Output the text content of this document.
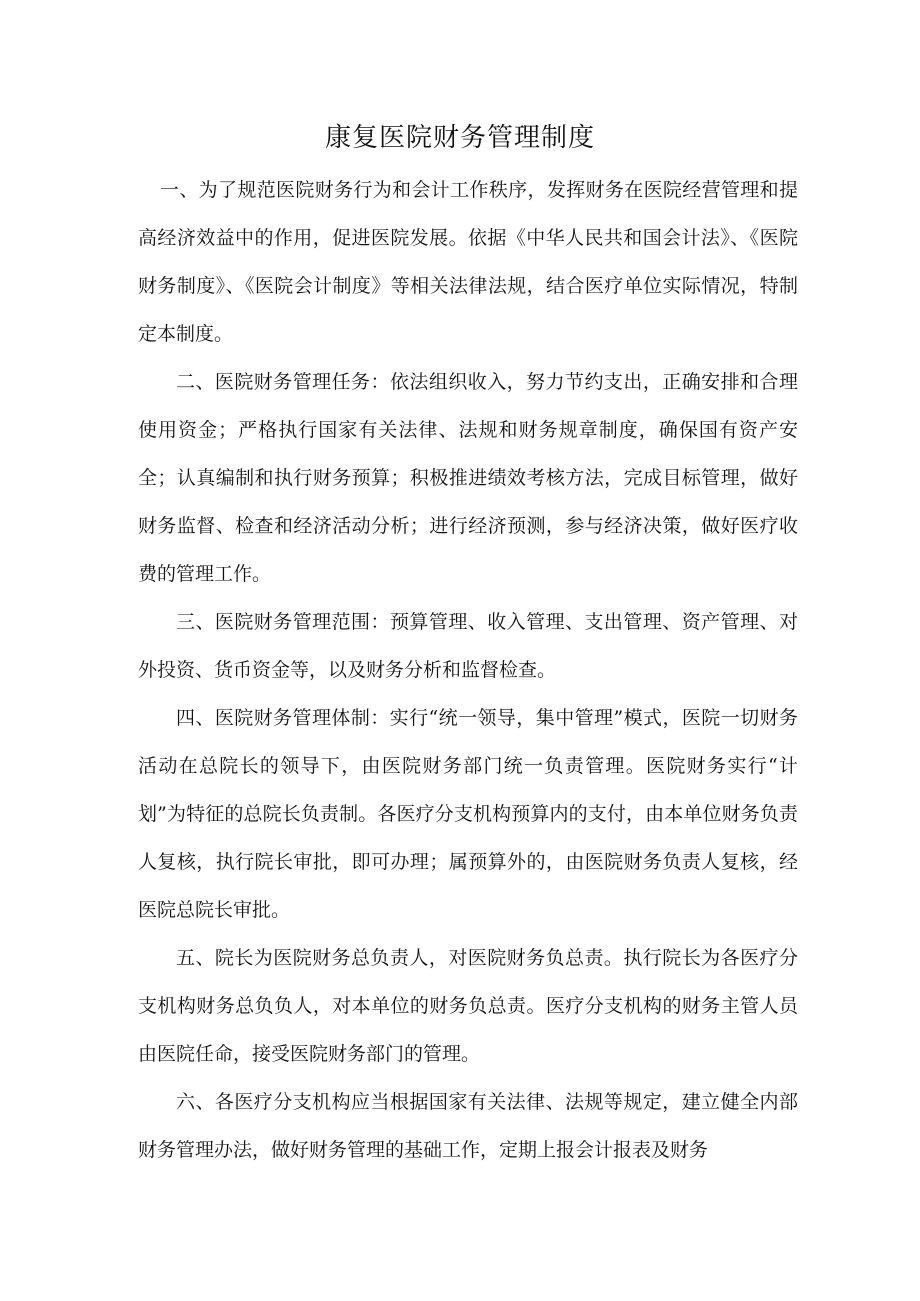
康复医院财务管理制度

一、为了规范医院财务行为和会计工作秩序，发挥财务在医院经营管理和提高经济效益中的作用，促进医院发展。依据《中华人民共和国会计法》、《医院财务制度》、《医院会计制度》等相关法律法规，结合医疗单位实际情况，特制定本制度。

二、医院财务管理任务：依法组织收入，努力节约支出，正确安排和合理使用资金；严格执行国家有关法律、法规和财务规章制度，确保国有资产安全；认真编制和执行财务预算；积极推进绩效考核方法，完成目标管理，做好财务监督、检查和经济活动分析；进行经济预测，参与经济决策，做好医疗收费的管理工作。

三、医院财务管理范围：预算管理、收入管理、支出管理、资产管理、对外投资、货币资金等，以及财务分析和监督检查。

四、医院财务管理体制：实行“统一领导，集中管理”模式，医院一切财务活动在总院长的领导下，由医院财务部门统一负责管理。医院财务实行“计划”为特征的总院长负责制。各医疗分支机构预算内的支付，由本单位财务负责人复核，执行院长审批，即可办理；属预算外的，由医院财务负责人复核，经医院总院长审批。

五、院长为医院财务总负责人，对医院财务负总责。执行院长为各医疗分支机构财务总负负人，对本单位的财务负总责。医疗分支机构的财务主管人员由医院任命，接受医院财务部门的管理。

六、各医疗分支机构应当根据国家有关法律、法规等规定，建立健全内部财务管理办法，做好财务管理的基础工作，定期上报会计报表及财务
